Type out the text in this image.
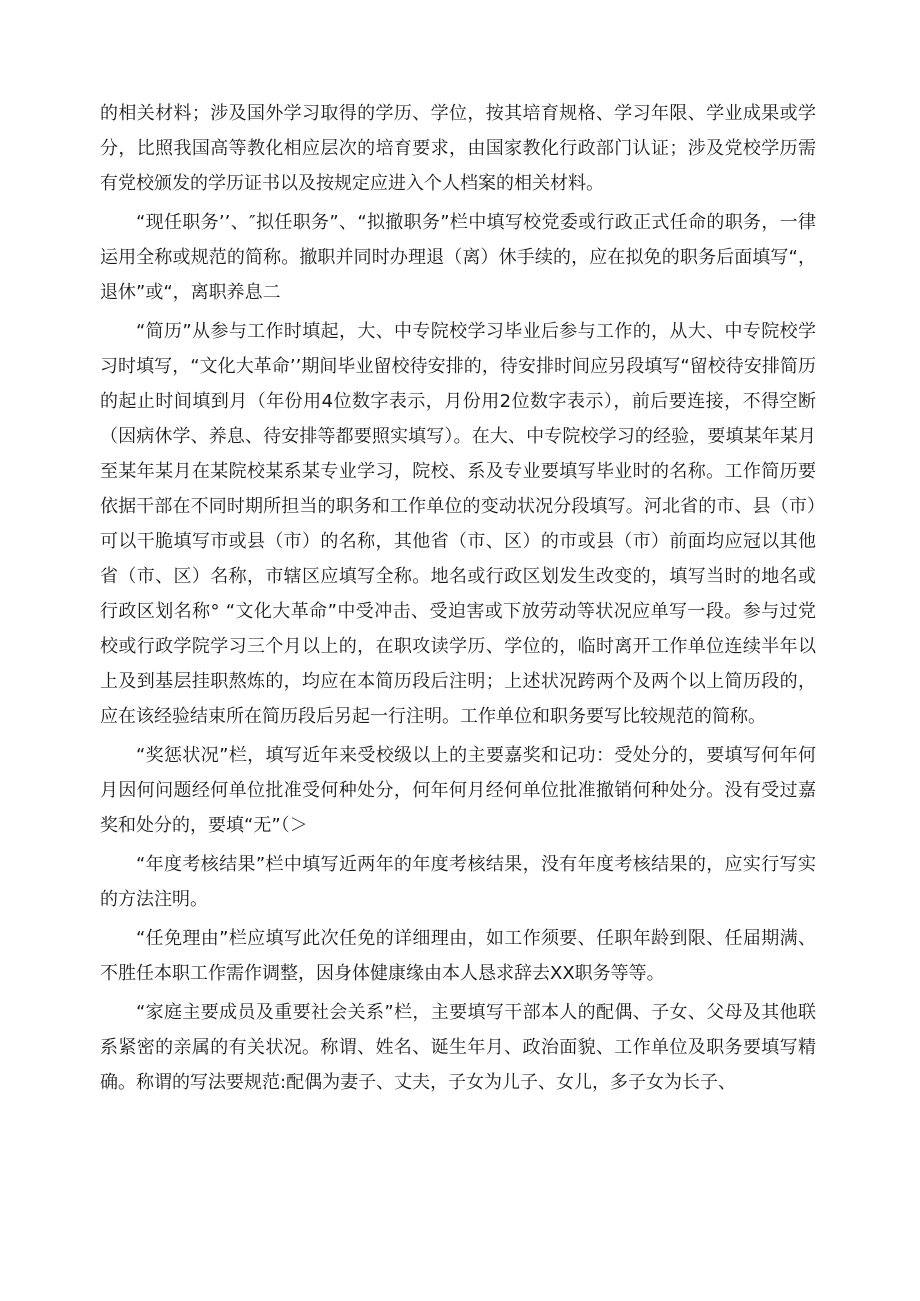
的相关材料；涉及国外学习取得的学历、学位，按其培育规格、学习年限、学业成果或学分，比照我国高等教化相应层次的培育要求，由国家教化行政部门认证；涉及党校学历需有党校颁发的学历证书以及按规定应进入个人档案的相关材料。

“现任职务’’、″拟任职务”、“拟撤职务”栏中填写校党委或行政正式任命的职务，一律运用全称或规范的简称。撤职并同时办理退（离）休手续的，应在拟免的职务后面填写“，退休”或“，离职养息二

“简历”从参与工作时填起，大、中专院校学习毕业后参与工作的，从大、中专院校学习时填写，“文化大革命’’期间毕业留校待安排的，待安排时间应另段填写“留校待安排简历的起止时间填到月（年份用4位数字表示，月份用2位数字表示），前后要连接，不得空断（因病休学、养息、待安排等都要照实填写）。在大、中专院校学习的经验，要填某年某月至某年某月在某院校某系某专业学习，院校、系及专业要填写毕业时的名称。工作简历要依据干部在不同时期所担当的职务和工作单位的变动状况分段填写。河北省的市、县（市）可以干脆填写市或县（市）的名称，其他省（市、区）的市或县（市）前面均应冠以其他省（市、区）名称，市辖区应填写全称。地名或行政区划发生改变的，填写当时的地名或行政区划名称° “文化大革命”中受冲击、受迫害或下放劳动等状况应单写一段。参与过党校或行政学院学习三个月以上的，在职攻读学历、学位的，临时离开工作单位连续半年以上及到基层挂职熬炼的，均应在本简历段后注明；上述状况跨两个及两个以上简历段的，应在该经验结束所在简历段后另起一行注明。工作单位和职务要写比较规范的简称。

“奖惩状况”栏，填写近年来受校级以上的主要嘉奖和记功：受处分的，要填写何年何月因何问题经何单位批准受何种处分，何年何月经何单位批准撤销何种处分。没有受过嘉奖和处分的，要填“无”（＞

“年度考核结果”栏中填写近两年的年度考核结果，没有年度考核结果的，应实行写实的方法注明。

“任免理由”栏应填写此次任免的详细理由，如工作须要、任职年龄到限、任届期满、不胜任本职工作需作调整，因身体健康缘由本人恳求辞去XX职务等等。

“家庭主要成员及重要社会关系”栏，主要填写干部本人的配偶、子女、父母及其他联系紧密的亲属的有关状况。称谓、姓名、诞生年月、政治面貌、工作单位及职务要填写精确。称谓的写法要规范:配偶为妻子、丈夫，子女为儿子、女儿，多子女为长子、
